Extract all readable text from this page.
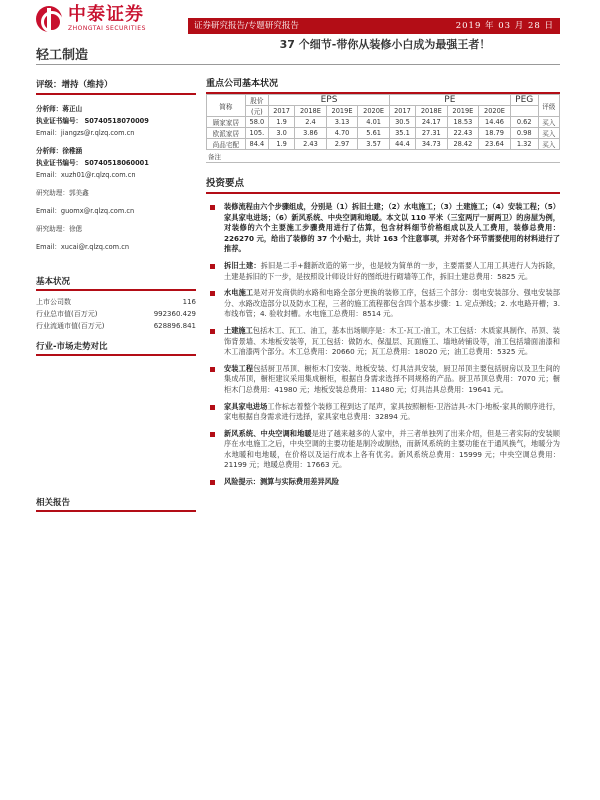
中泰证券
ZHONGTAI SECURITIES	证券研究报告/专题研究报告	2019 年 03 月 28 日
轻工制造
37 个细节-带你从装修小白成为最强王者！
评级：增持（维持）
分析师：蒋正山
执业证书编号： S0740518070009
Email：jiangzs@r.qlzq.com.cn
分析师：徐稚涵
执业证书编号： S0740518060001
Email：xuzh01@r.qlzq.com.cn
研究助理：郭美鑫
Email：guomx@r.qlzq.com.cn
研究助理：徐偲
Email：xucai@r.qlzq.com.cn
基本状况
上市公司数	116
行业总市值(百万元)	992360.429
行业流通市值(百万元)	628896.841
行业-市场走势对比
相关报告
重点公司基本状况
简称	股价	EPS				PE				PEG	评级
	(元)	2017	2018E	2019E	2020E	2017	2018E	2019E	2020E		
顾家家居	58.0	1.9	2.4	3.13	4.01	30.5	24.17	18.53	14.46	0.62	买入
欧派家居	105.	3.0	3.86	4.70	5.61	35.1	27.31	22.43	18.79	0.98	买入
尚品宅配	84.4	1.9	2.43	2.97	3.57	44.4	34.73	28.42	23.64	1.32	买入
备注
投资要点
装修流程由六个步骤组成，分别是（1）拆旧土建；（2）水电施工；（3）土建施工；（4）安装工程；（5）家具家电进场；（6）新风系统、中央空调和地暖。本文以 110 平米（三室两厅一厨两卫）的房屋为例，对装修的六个主要施工步骤费用进行了估算，包含材料细节价格组成以及人工费用，装修总费用：226270 元，给出了装修的 37 个小贴士，共计 163 个注意事项，并对各个环节需要使用的材料进行了推荐。
拆旧土建：拆旧是二手+翻新改造的第一步，也是较为简单的一步，主要需要人工用工具进行人为拆除，土建是拆旧的下一步，是按照设计师设计好的图纸进行砌墙等工作，拆旧土建总费用：5825 元。
水电施工是对开发商供的水路和电路全部分更换的装修工序，包括三个部分：弱电安装部分、强电安装部分、水路改造部分以及防水工程，三者的施工流程都包含四个基本步骤：1. 定点弹线；2. 水电路开槽；3. 布线布管；4. 验收封槽。水电施工总费用：8514 元。
土建施工包括木工、瓦工、油工，基本出场顺序是：木工-瓦工-油工，木工包括：木质家具制作、吊顶、装饰背景墙、木地板安装等，瓦工包括：做防水、保温层、瓦面施工、墙地砖铺设等，油工包括墙面油漆和木工油漆两个部分。木工总费用：20660 元；瓦工总费用：18020 元；油工总费用：5325 元。
安装工程包括厨卫吊顶、橱柜木门安装、地板安装、灯具洁具安装，厨卫吊顶主要包括厨房以及卫生间的集成吊顶，橱柜建议采用集成橱柜，根据自身需求选择不同规格的产品。厨卫吊顶总费用：7070 元；橱柜木门总费用：41980 元；地板安装总费用：11480 元；灯具洁具总费用：19641 元。
家具家电进场工作标志着整个装修工程到达了尾声，家具按照橱柜-卫浴洁具-木门-地板-家具的顺序进行，家电根据自身需求进行选择，家具家电总费用：32894 元。
新风系统、中央空调和地暖是进了越来越多的人家中，并三者单独列了出来介绍，但是三者实际的安装顺序在水电施工之后，中央空调的主要功能是制冷或制热，而新风系统的主要功能在于通风换气，地暖分为水地暖和电地暖，在价格以及运行成本上各有优劣。新风系统总费用：15999 元；中央空调总费用：21199 元；地暖总费用：17663 元。
风险提示：测算与实际费用差异风险
